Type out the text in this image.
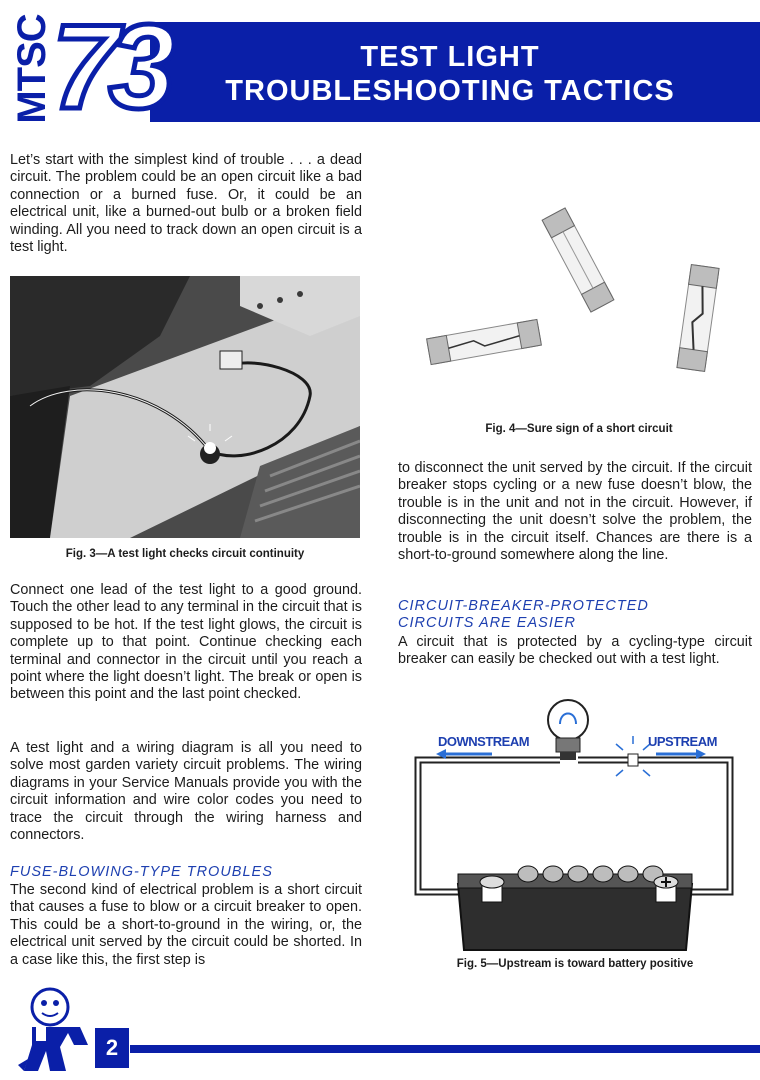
MTSC
73	TEST LIGHT
TROUBLESHOOTING TACTICS
Let’s start with the simplest kind of trouble . . . a dead circuit. The problem could be an open circuit like a bad connection or a burned fuse. Or, it could be an electrical unit, like a burned-out bulb or a broken field winding. All you need to track down an open circuit is a test light.
Fig. 3—A test light checks circuit continuity
Connect one lead of the test light to a good ground. Touch the other lead to any terminal in the circuit that is supposed to be hot. If the test light glows, the circuit is complete up to that point. Continue checking each terminal and connector in the circuit until you reach a point where the light doesn’t light. The break or open is between this point and the last point checked.
A test light and a wiring diagram is all you need to solve most garden variety circuit problems. The wiring diagrams in your Service Manuals provide you with the circuit information and wire color codes you need to trace the circuit through the wiring harness and connectors.
FUSE-BLOWING-TYPE TROUBLES
The second kind of electrical problem is a short circuit that causes a fuse to blow or a circuit breaker to open. This could be a short-to-ground in the wiring, or, the electrical unit served by the circuit could be shorted. In a case like this, the first step is
Fig. 4—Sure sign of a short circuit
to disconnect the unit served by the circuit. If the circuit breaker stops cycling or a new fuse doesn’t blow, the trouble is in the unit and not in the circuit. However, if disconnecting the unit doesn’t solve the problem, the trouble is in the circuit itself. Chances are there is a short-to-ground somewhere along the line.
CIRCUIT-BREAKER-PROTECTED
CIRCUITS ARE EASIER
A circuit that is protected by a cycling-type circuit breaker can easily be checked out with a test light.
DOWNSTREAM	UPSTREAM
Fig. 5—Upstream is toward battery positive
2
